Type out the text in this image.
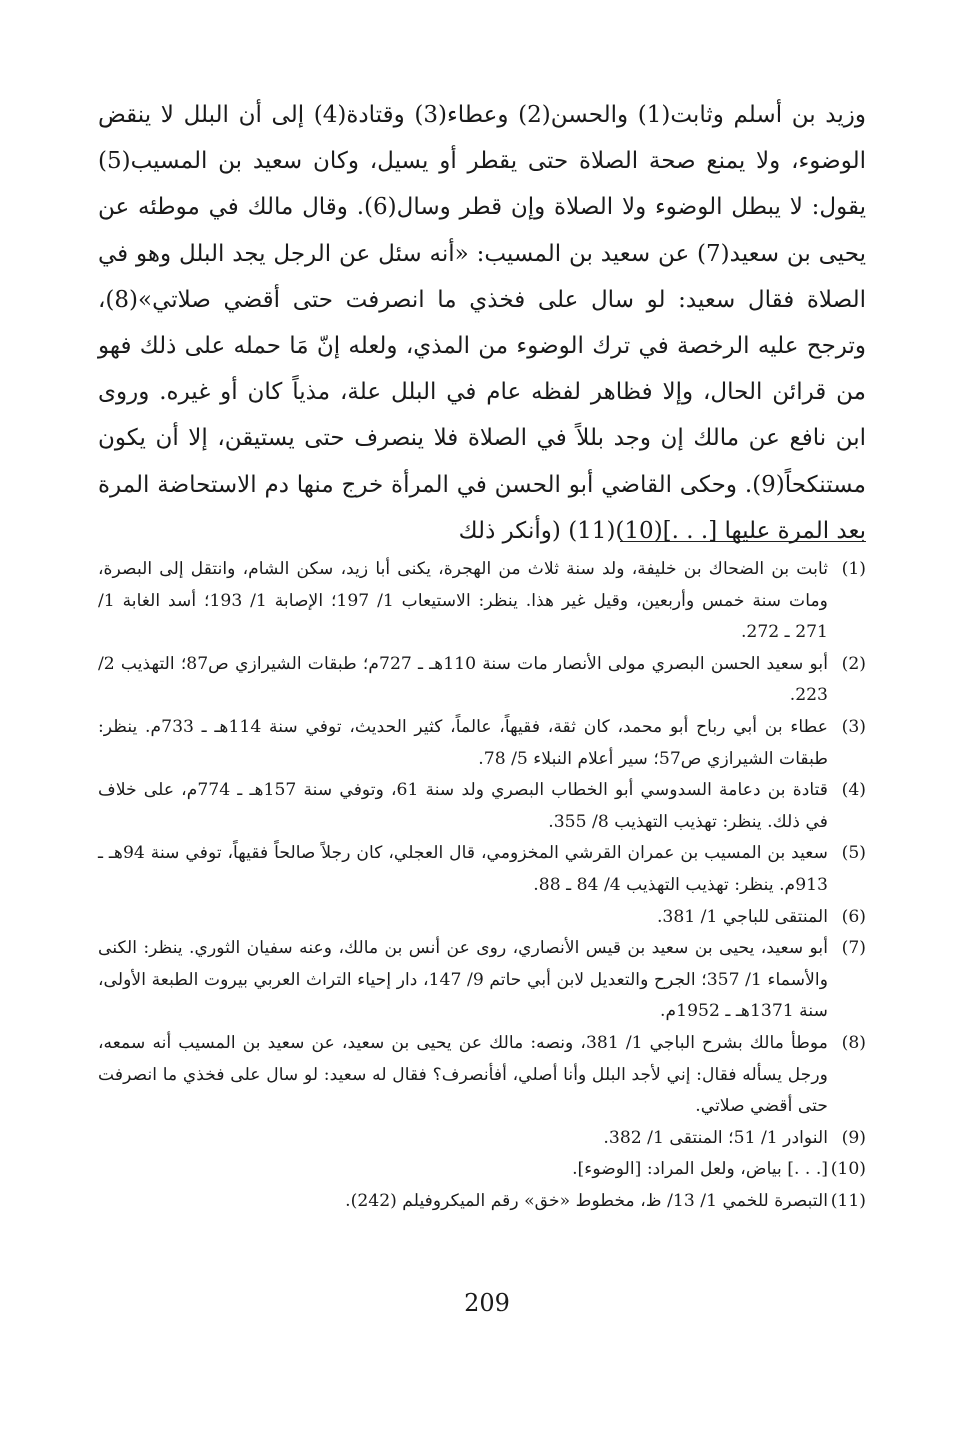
وزيد بن أسلم وثابت(1) والحسن(2) وعطاء(3) وقتادة(4) إلى أن البلل لا ينقض الوضوء، ولا يمنع صحة الصلاة حتى يقطر أو يسيل، وكان سعيد بن المسيب(5) يقول: لا يبطل الوضوء ولا الصلاة وإن قطر وسال(6). وقال مالك في موطئه عن يحيى بن سعيد(7) عن سعيد بن المسيب: «أنه سئل عن الرجل يجد البلل وهو في الصلاة فقال سعيد: لو سال على فخذي ما انصرفت حتى أقضي صلاتي»(8)، وترجح عليه الرخصة في ترك الوضوء من المذي، ولعله إنّ مَا حمله على ذلك فهو من قرائن الحال، وإلا فظاهر لفظه عام في البلل علة، مذياً كان أو غيره. وروى ابن نافع عن مالك إن وجد بللاً في الصلاة فلا ينصرف حتى يستيقن، إلا أن يكون مستنكحاً(9). وحكى القاضي أبو الحسن في المرأة خرج منها دم الاستحاضة المرة بعد المرة عليها [. . .](10)(11) (وأنكر ذلك

(1)
ثابت بن الضحاك بن خليفة، ولد سنة ثلاث من الهجرة، يكنى أبا زيد، سكن الشام، وانتقل إلى البصرة، ومات سنة خمس وأربعين، وقيل غير هذا. ينظر: الاستيعاب 1/ 197؛ الإصابة 1/ 193؛ أسد الغابة 1/ 271 ـ 272.
(2)
أبو سعيد الحسن البصري مولى الأنصار مات سنة 110هـ ـ 727م؛ طبقات الشيرازي ص87؛ التهذيب 2/ 223.
(3)
عطاء بن أبي رباح أبو محمد، كان ثقة، فقيهاً، عالماً، كثير الحديث، توفي سنة 114هـ ـ 733م. ينظر: طبقات الشيرازي ص57؛ سير أعلام النبلاء 5/ 78.
(4)
قتادة بن دعامة السدوسي أبو الخطاب البصري ولد سنة 61، وتوفي سنة 157هـ ـ 774م، على خلاف في ذلك. ينظر: تهذيب التهذيب 8/ 355.
(5)
سعيد بن المسيب بن عمران القرشي المخزومي، قال العجلي، كان رجلاً صالحاً فقيهاً، توفي سنة 94هـ ـ 913م. ينظر: تهذيب التهذيب 4/ 84 ـ 88.
(6)
المنتقى للباجي 1/ 381.
(7)
أبو سعيد، يحيى بن سعيد بن قيس الأنصاري، روى عن أنس بن مالك، وعنه سفيان الثوري. ينظر: الكنى والأسماء 1/ 357؛ الجرح والتعديل لابن أبي حاتم 9/ 147، دار إحياء التراث العربي بيروت الطبعة الأولى، سنة 1371هـ ـ 1952م.
(8)
موطأ مالك بشرح الباجي 1/ 381، ونصه: مالك عن يحيى بن سعيد، عن سعيد بن المسيب أنه سمعه، ورجل يسأله فقال: إني لأجد البلل وأنا أصلي، أفأنصرف؟ فقال له سعيد: لو سال على فخذي ما انصرفت حتى أقضي صلاتي.
(9)
النوادر 1/ 51؛ المنتقى 1/ 382.
(10)
[. . .] بياض، ولعل المراد: [الوضوء].
(11)
التبصرة للخمي 1/ 13/ ظ، مخطوط «خق» رقم الميكروفيلم (242).
209
